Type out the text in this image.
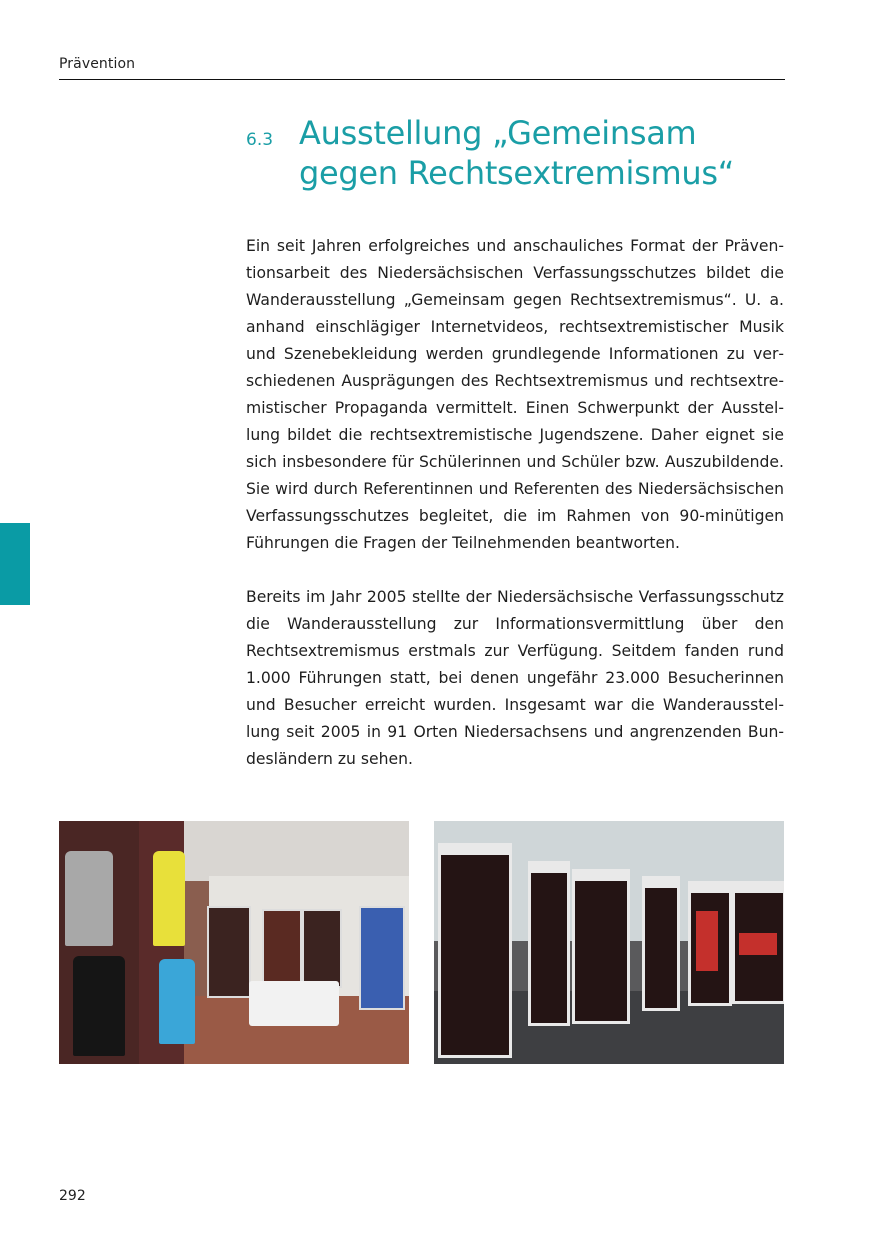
Prävention
6.3 Ausstellung „Gemeinsam gegen Rechtsextremismus“

Ein seit Jahren erfolgreiches und anschauliches Format der Präventionsarbeit des Niedersächsischen Verfassungsschutzes bildet die Wanderausstellung „Gemeinsam gegen Rechtsextremismus“. U. a. anhand einschlägiger Internetvideos, rechtsextremistischer Musik und Szenebekleidung werden grundlegende Informationen zu verschiedenen Ausprägungen des Rechtsextremismus und rechtsextremistischer Propaganda vermittelt. Einen Schwerpunkt der Ausstellung bildet die rechtsextremistische Jugendszene. Daher eignet sie sich insbesondere für Schülerinnen und Schüler bzw. Auszubildende. Sie wird durch Referentinnen und Referenten des Niedersächsischen Verfassungsschutzes begleitet, die im Rahmen von 90-minütigen Führungen die Fragen der Teilnehmenden beantworten.

Bereits im Jahr 2005 stellte der Niedersächsische Verfassungsschutz die Wanderausstellung zur Informationsvermittlung über den Rechtsextremismus erstmals zur Verfügung. Seitdem fanden rund 1.000 Führungen statt, bei denen ungefähr 23.000 Besucherinnen und Besucher erreicht wurden. Insgesamt war die Wanderausstellung seit 2005 in 91 Orten Niedersachsens und angrenzenden Bundesländern zu sehen.

292
